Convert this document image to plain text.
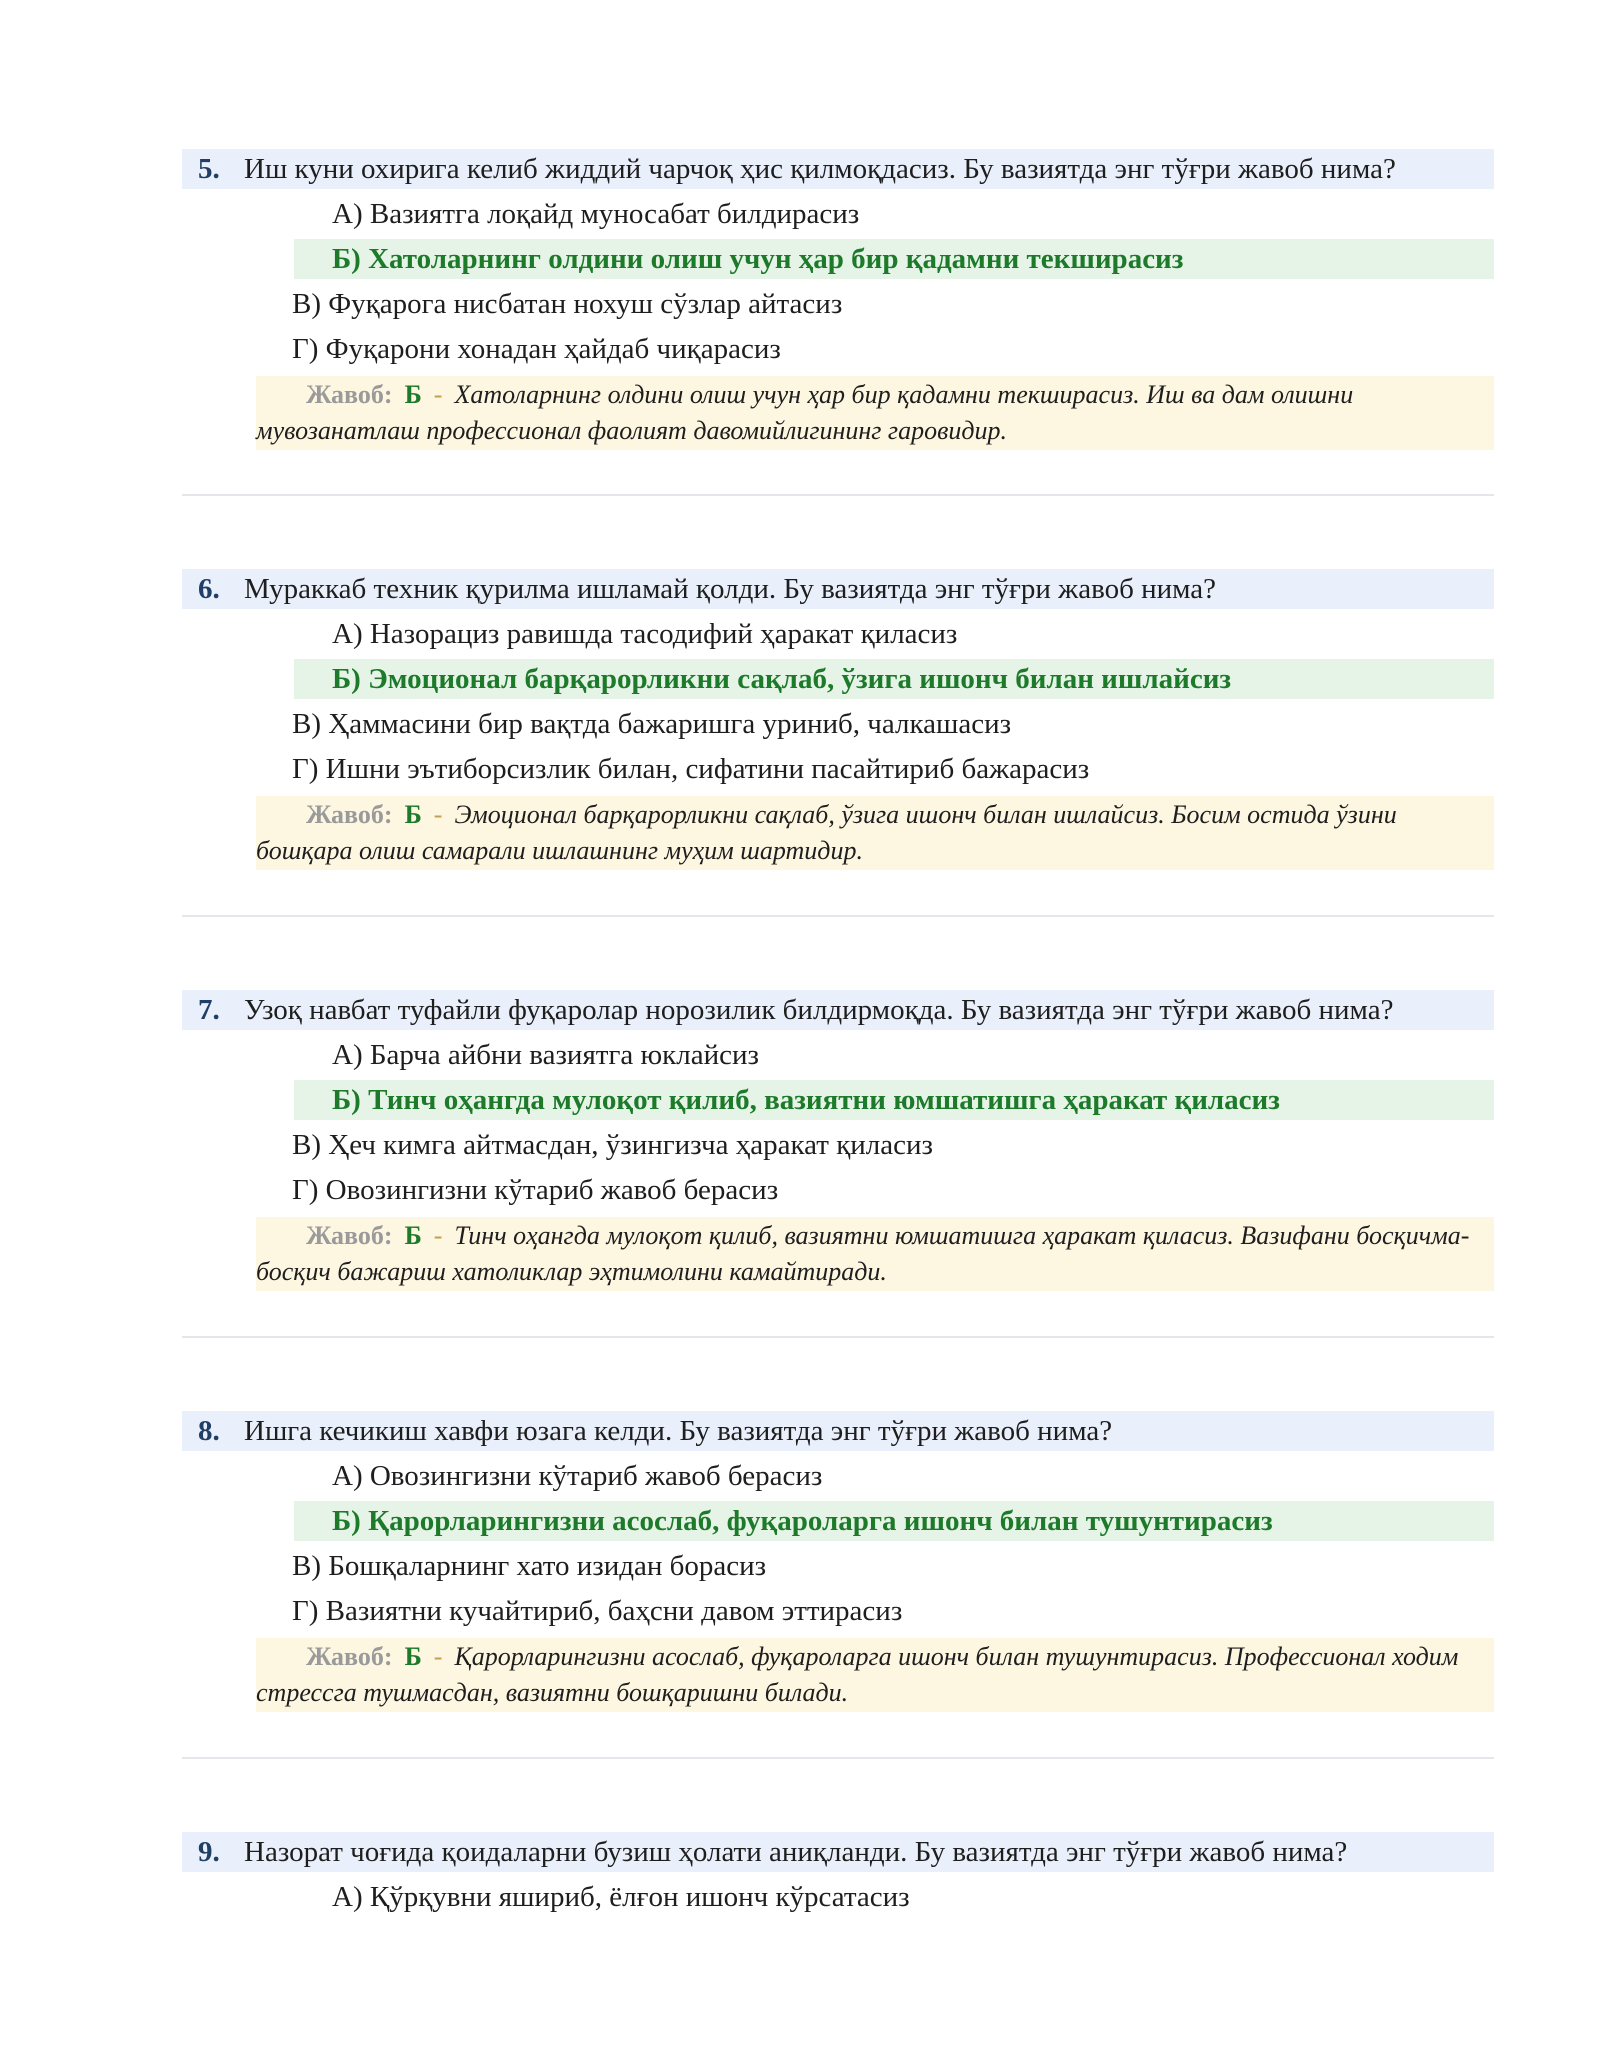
5. Иш куни охирига келиб жиддий чарчоқ ҳис қилмоқдасиз. Бу вазиятда энг тўғри жавоб нима?
А) Вазиятга лоқайд муносабат билдирасиз
Б) Хатоларнинг олдини олиш учун ҳар бир қадамни текширасиз
В) Фуқарога нисбатан нохуш сўзлар айтасиз
Г) Фуқарони хонадан ҳайдаб чиқарасиз
Жавоб: Б - Хатоларнинг олдини олиш учун ҳар бир қадамни текширасиз. Иш ва дам олишни мувозанатлаш профессионал фаолият давомийлигининг гаровидир.
6. Мураккаб техник қурилма ишламай қолди. Бу вазиятда энг тўғри жавоб нима?
А) Назорациз равишда тасодифий ҳаракат қиласиз
Б) Эмоционал барқарорликни сақлаб, ўзига ишонч билан ишлайсиз
В) Ҳаммасини бир вақтда бажаришга уриниб, чалкашасиз
Г) Ишни эътиборсизлик билан, сифатини пасайтириб бажарасиз
Жавоб: Б - Эмоционал барқарорликни сақлаб, ўзига ишонч билан ишлайсиз. Босим остида ўзини бошқара олиш самарали ишлашнинг муҳим шартидир.
7. Узоқ навбат туфайли фуқаролар норозилик билдирмоқда. Бу вазиятда энг тўғри жавоб нима?
А) Барча айбни вазиятга юклайсиз
Б) Тинч оҳангда мулоқот қилиб, вазиятни юмшатишга ҳаракат қиласиз
В) Ҳеч кимга айтмасдан, ўзингизча ҳаракат қиласиз
Г) Овозингизни кўтариб жавоб берасиз
Жавоб: Б - Тинч оҳангда мулоқот қилиб, вазиятни юмшатишга ҳаракат қиласиз. Вазифани босқичма-босқич бажариш хатоликлар эҳтимолини камайтиради.
8. Ишга кечикиш хавфи юзага келди. Бу вазиятда энг тўғри жавоб нима?
А) Овозингизни кўтариб жавоб берасиз
Б) Қарорларингизни асослаб, фуқароларга ишонч билан тушунтирасиз
В) Бошқаларнинг хато изидан борасиз
Г) Вазиятни кучайтириб, баҳсни давом эттирасиз
Жавоб: Б - Қарорларингизни асослаб, фуқароларга ишонч билан тушунтирасиз. Профессионал ходим стрессга тушмасдан, вазиятни бошқаришни билади.
9. Назорат чоғида қоидаларни бузиш ҳолати аниқланди. Бу вазиятда энг тўғри жавоб нима?
А) Қўрқувни яшириб, ёлғон ишонч кўрсатасиз
